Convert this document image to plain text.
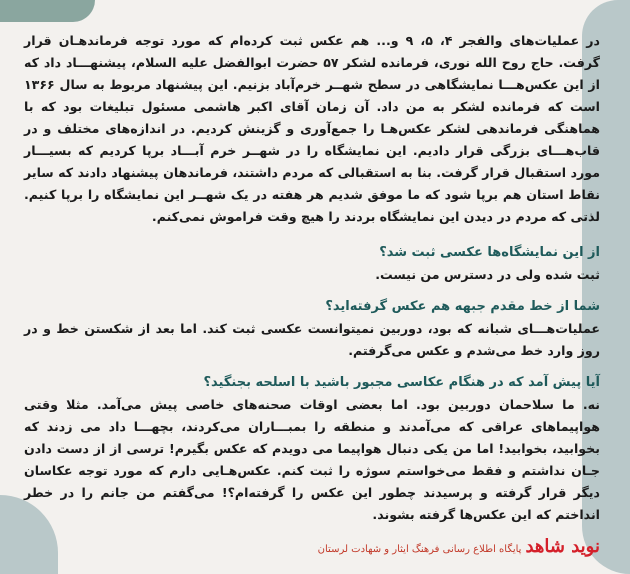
در عملیات‌های والفجر ۴، ۵، ۹ و... هم عکس ثبت کرده‌ام که مورد توجه فرماندهـان قرار گرفت. حاج روح الله نوری، فرمانده لشکر ۵۷ حضرت ابوالفضل علیه السلام، پیشنهـــاد داد که از این عکس‌هـــا نمایشگاهی در سطح شهــر خرم‌آباد بزنیم. این پیشنهاد مربوط به سال ۱۳۶۶ است که فرمانده لشکر به من داد. آن زمان آقای اکبر هاشمی مسئول تبلیغات بود که با هماهنگی فرماندهی لشکر عکس‌هـا را جمع‌آوری و گزینش کردیم. در اندازه‌های مختلف و در قاب‌هـــای بزرگی قرار دادیم. این نمایشگاه را در شهــر خرم آبـــاد برپا کردیم که بسیـــار مورد استقبال قرار گرفت. بنا به استقبالی که مردم داشتند، فرماندهان پیشنهاد دادند که سایر نقاط استان هم برپا شود که ما موفق شدیم هر هفته در یک شهــر این نمایشگاه را برپا کنیم. لذتی که مردم در دیدن این نمایشگاه بردند را هیچ وقت فراموش نمی‌کنم.

از این نمایشگاه‌ها عکسی ثبت شد؟

ثبت شده ولی در دسترس من نیست.

شما از خط مقدم جبهه هم عکس گرفته‌اید؟

عملیات‌هـــای شبانه که بود، دوربین نمیتوانست عکسی ثبت کند. اما بعد از شکستن خط و در روز وارد خط می‌شدم و عکس می‌گرفتم.

آیا پیش آمد که در هنگام عکاسی مجبور باشید با اسلحه بجنگید؟

نه. ما سلاحمان دوربین بود. اما بعضی اوقات صحنه‌های خاصی پیش می‌آمد. مثلا وقتی هواپیماهای عراقی که می‌آمدند و منطقه را بمبـــاران می‌کردند، بچهـــا داد می زدند که بخوابید، بخوابید! اما من یکی دنبال هواپیما می دویدم که عکس بگیرم! ترسی از از دست دادن جـان نداشتم و فقط می‌خواستم سوژه را ثبت کنم. عکس‌هـایی دارم که مورد توجه عکاسان دیگر قرار گرفته و پرسیدند چطور این عکس را گرفته‌ام؟! می‌گفتم من جانم را در خطر انداختم که این عکس‌ها گرفته بشوند.

نوید شاهد
پایگاه اطلاع رسانی فرهنگ ایثار و شهادت لرستان
